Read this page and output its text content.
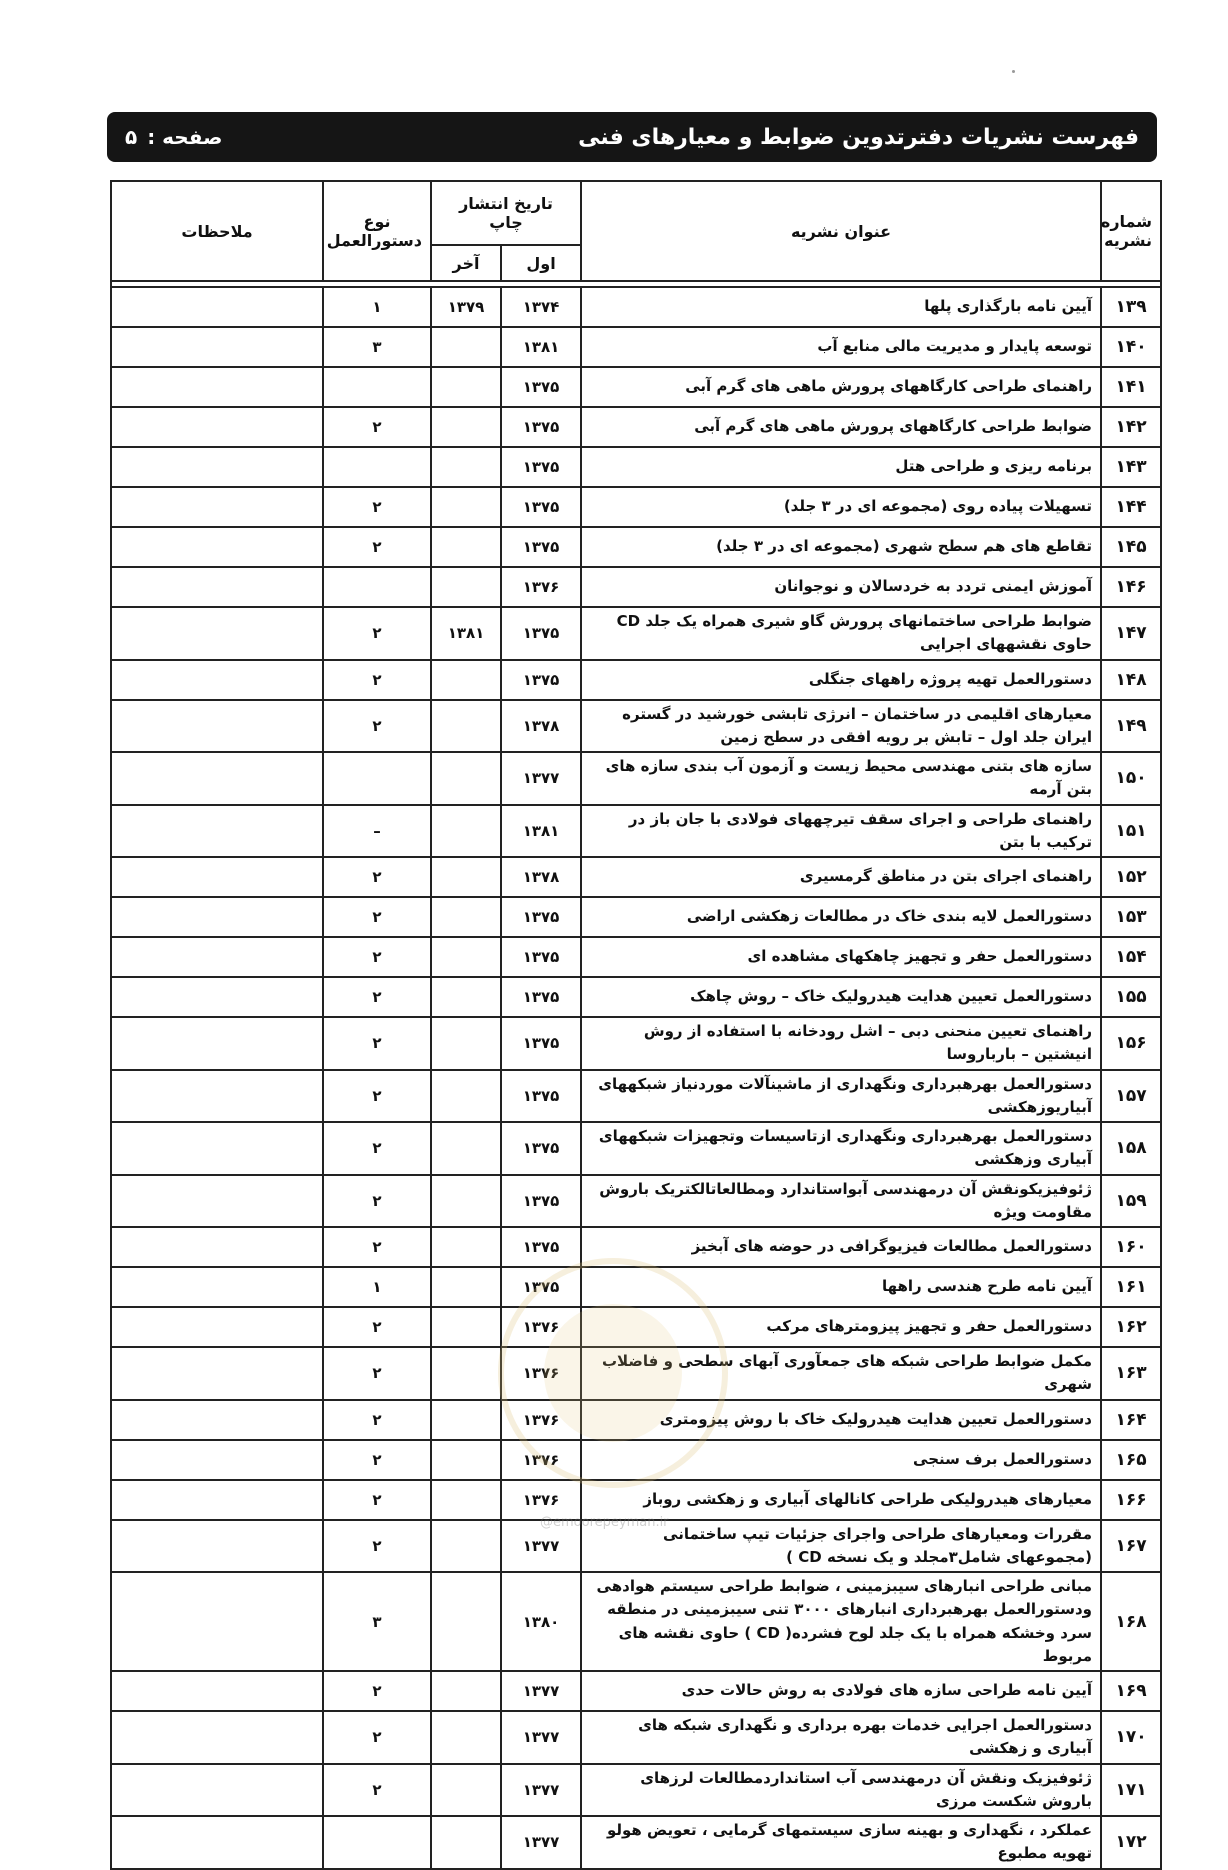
فهرست نشریات دفترتدوین ضوابط و معیارهای فنی
صفحه :
۵
شماره نشریه	عنوان نشریه	تاریخ انتشار چاپ		نوع دستورالعمل	ملاحظات
		اول	آخر		

۱۳۹	آیین نامه بارگذاری پلها	۱۳۷۴	۱۳۷۹	۱	
۱۴۰	توسعه پایدار و مدیریت مالی منابع آب	۱۳۸۱		۳	
۱۴۱	راهنمای طراحی کارگاههای پرورش ماهی های گرم آبی	۱۳۷۵			
۱۴۲	ضوابط طراحی کارگاههای پرورش ماهی های گرم آبی	۱۳۷۵		۲	
۱۴۳	برنامه ریزی و طراحی هتل	۱۳۷۵			
۱۴۴	تسهیلات پیاده روی (مجموعه ای در ۳ جلد)	۱۳۷۵		۲	
۱۴۵	تقاطع های هم سطح شهری (مجموعه ای در ۳ جلد)	۱۳۷۵		۲	
۱۴۶	آموزش ایمنی تردد به خردسالان و نوجوانان	۱۳۷۶			
۱۴۷	ضوابط طراحی ساختمانهای پرورش گاو شیری همراه یک جلد CD حاوی نقشههای اجرایی	۱۳۷۵	۱۳۸۱	۲	
۱۴۸	دستورالعمل تهیه پروژه راههای جنگلی	۱۳۷۵		۲	
۱۴۹	معیارهای اقلیمی در ساختمان – انرژی تابشی خورشید در گستره ایران جلد اول – تابش بر رویه افقی در سطح زمین	۱۳۷۸		۲	
۱۵۰	سازه های بتنی مهندسی محیط زیست و آزمون آب بندی سازه های بتن آرمه	۱۳۷۷			
۱۵۱	راهنمای طراحی و اجرای سقف تیرچههای فولادی با جان باز در ترکیب با بتن	۱۳۸۱		–	
۱۵۲	راهنمای اجرای بتن در مناطق گرمسیری	۱۳۷۸		۲	
۱۵۳	دستورالعمل لایه بندی خاک در مطالعات زهکشی اراضی	۱۳۷۵		۲	
۱۵۴	دستورالعمل حفر و تجهیز چاهکهای مشاهده ای	۱۳۷۵		۲	
۱۵۵	دستورالعمل تعیین هدایت هیدرولیک خاک – روش چاهک	۱۳۷۵		۲	
۱۵۶	راهنمای تعیین منحنی دبی – اشل رودخانه با استفاده از روش انیشتین – بارباروسا	۱۳۷۵		۲	
۱۵۷	دستورالعمل بهرهبرداری ونگهداری از ماشینآلات موردنیاز شبکههای آبیاریوزهکشی	۱۳۷۵		۲	
۱۵۸	دستورالعمل بهرهبرداری ونگهداری ازتاسیسات وتجهیزات شبکههای آبیاری وزهکشی	۱۳۷۵		۲	
۱۵۹	ژئوفیزیکونقش آن درمهندسی آبواستاندارد ومطالعاتالکتریک باروش مقاومت ویژه	۱۳۷۵		۲	
۱۶۰	دستورالعمل مطالعات فیزیوگرافی در حوضه های آبخیز	۱۳۷۵		۲	
۱۶۱	آیین نامه طرح هندسی راهها	۱۳۷۵		۱	
۱۶۲	دستورالعمل حفر و تجهیز پیزومترهای مرکب	۱۳۷۶		۲	
۱۶۳	مکمل ضوابط طراحی شبکه های جمعآوری آبهای سطحی و فاضلاب شهری	۱۳۷۶		۲	
۱۶۴	دستورالعمل تعیین هدایت هیدرولیک خاک با روش پیزومتری	۱۳۷۶		۲	
۱۶۵	دستورالعمل برف سنجی	۱۳۷۶		۲	
۱۶۶	معیارهای هیدرولیکی طراحی کانالهای آبیاری و زهکشی روباز	۱۳۷۶		۲	
۱۶۷	مقررات ومعیارهای طراحی واجرای جزئیات تیپ ساختمانی (مجموعهای شامل۳مجلد و یک نسخه CD )	۱۳۷۷		۲	
۱۶۸	مبانی طراحی انبارهای سیبزمینی ، ضوابط طراحی سیستم هوادهی ودستورالعمل بهرهبرداری انبارهای ۳۰۰۰ تنی سیبزمینی در منطقه سرد وخشکه همراه با یک جلد لوح فشرده( CD ) حاوی نقشه های مربوط	۱۳۸۰		۳	
۱۶۹	آیین نامه طراحی سازه های فولادی به روش حالات حدی	۱۳۷۷		۲	
۱۷۰	دستورالعمل اجرایی خدمات بهره برداری و نگهداری شبکه های آبیاری و زهکشی	۱۳۷۷		۲	
۱۷۱	ژئوفیزیک ونقش آن درمهندسی آب استانداردمطالعات لرزهای باروش شکست مرزی	۱۳۷۷		۲	
۱۷۲	عملکرد ، نگهداری و بهینه سازی سیستمهای گرمایی ، تعویض هولو تهویه مطبوع	۱۳۷۷			
@emoorepeyman.ir
